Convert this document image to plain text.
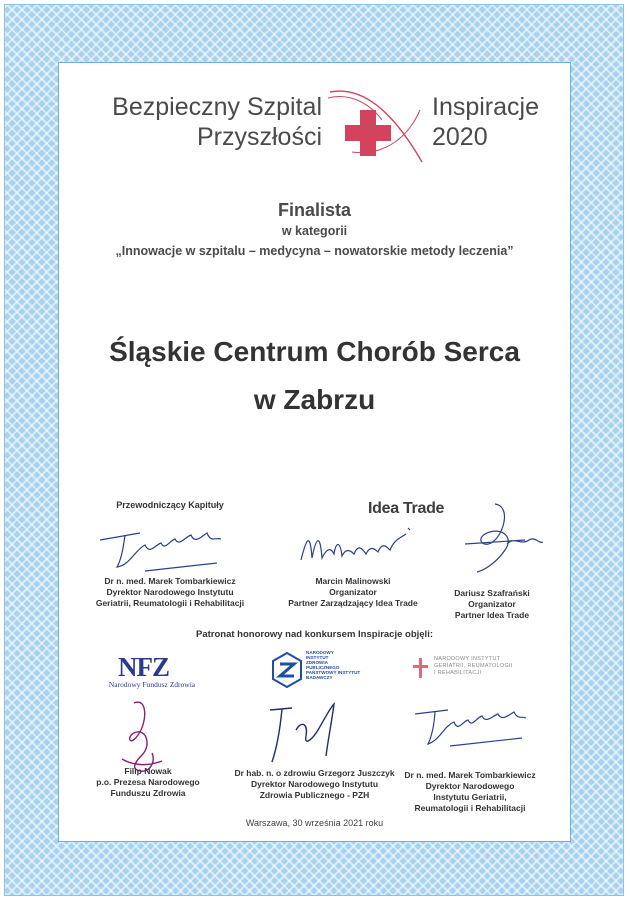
Bezpieczny Szpital
Przyszłości
Inspiracje
2020
Finalista
w kategorii
„Innowacje w szpitalu – medycyna – nowatorskie metody leczenia”
Śląskie Centrum Chorób Serca
w Zabrzu
Przewodniczący Kapituły
Dr n. med. Marek Tombarkiewicz
Dyrektor Narodowego Instytutu
Geriatrii, Reumatologii i Rehabilitacji
Idea Trade
Marcin Malinowski
Organizator
Partner Zarządzający Idea Trade
Dariusz Szafrański
Organizator
Partner Idea Trade
Patronat honorowy nad konkursem Inspiracje objęli:
NFZ
Narodowy Fundusz Zdrowia
NARODOWY
INSTYTUT
ZDROWIA
PUBLICZNEGO
PAŃSTWOWY INSTYTUT
BADAWCZY
NARODOWY INSTYTUT
GERIATRII, REUMATOLOGII
I REHABILITACJI
Filip Nowak
p.o. Prezesa Narodowego
Funduszu Zdrowia
Dr hab. n. o zdrowiu Grzegorz Juszczyk
Dyrektor Narodowego Instytutu
Zdrowia Publicznego - PZH
Dr n. med. Marek Tombarkiewicz
Dyrektor Narodowego
Instytutu Geriatrii,
Reumatologii i Rehabilitacji
Warszawa, 30 września 2021 roku
